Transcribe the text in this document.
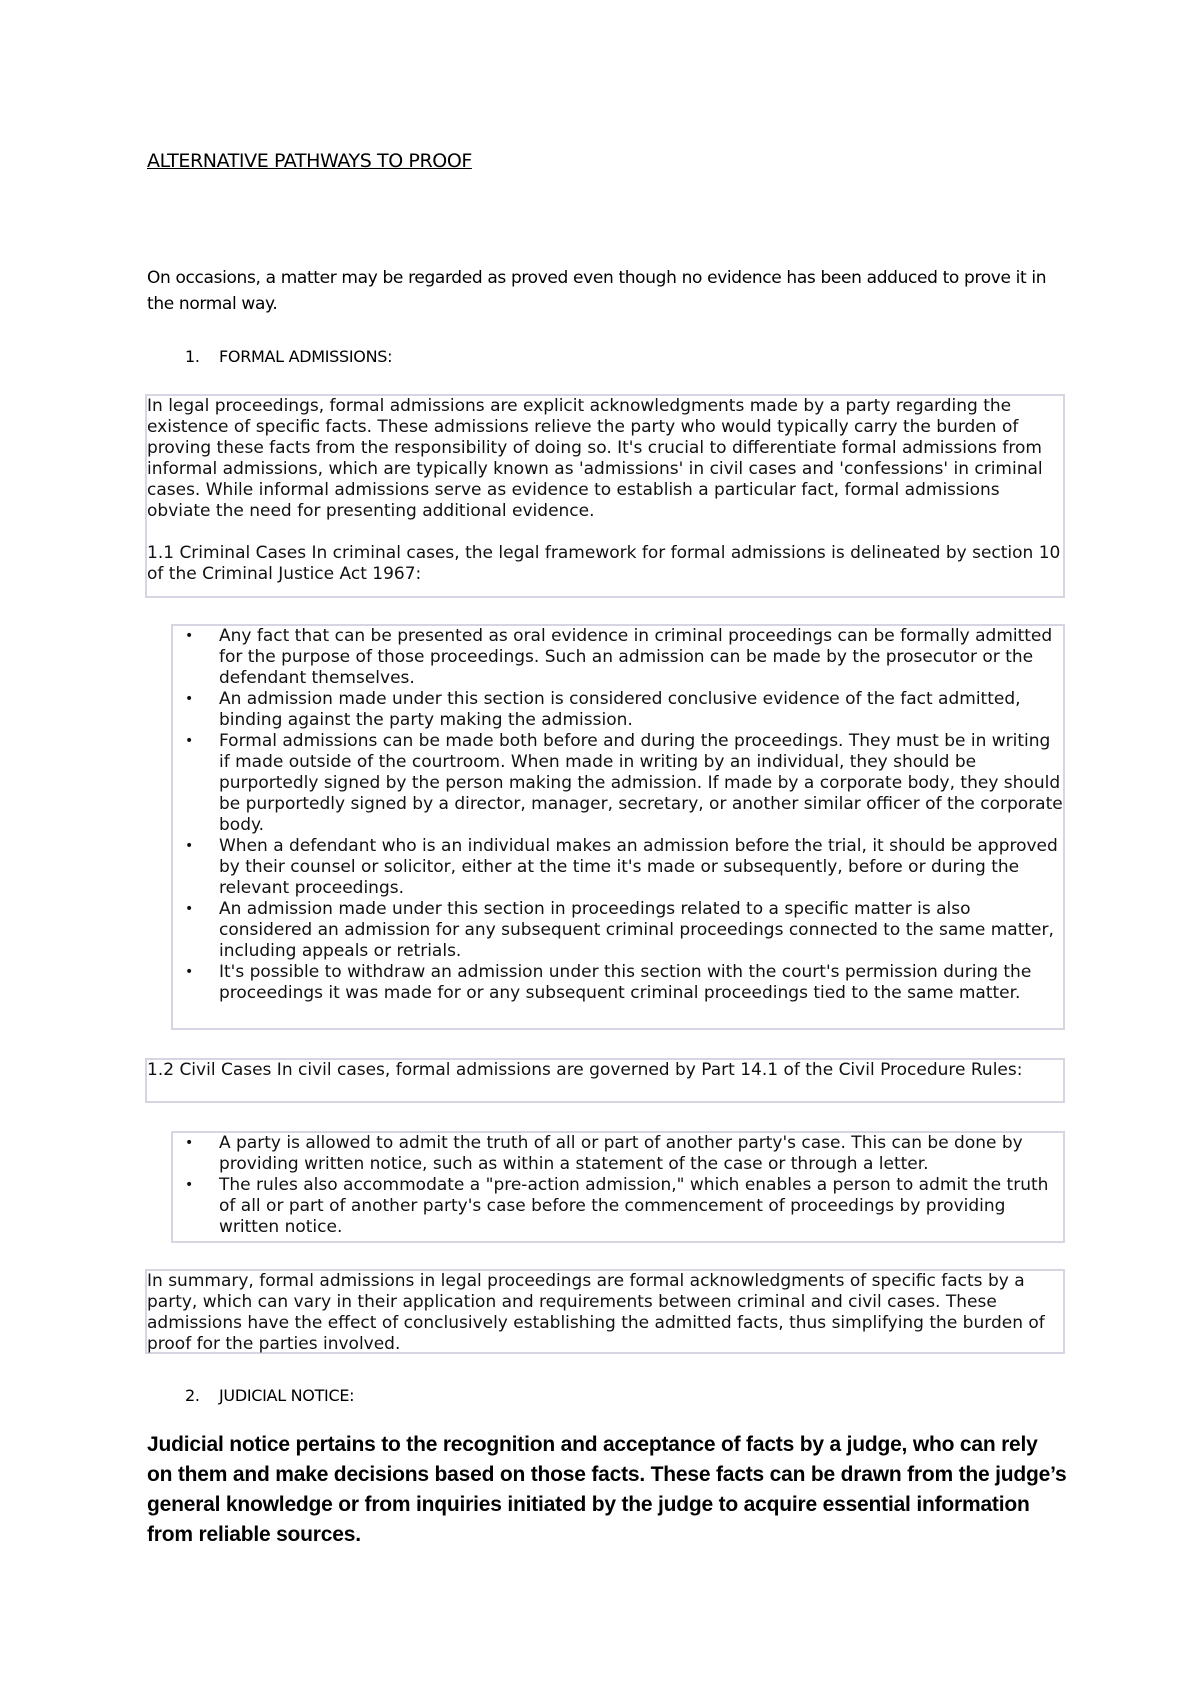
ALTERNATIVE PATHWAYS TO PROOF
On occasions, a matter may be regarded as proved even though no evidence has been adduced to prove it in the normal way.
1. FORMAL ADMISSIONS:

In legal proceedings, formal admissions are explicit acknowledgments made by a party regarding the existence of specific facts. These admissions relieve the party who would typically carry the burden of proving these facts from the responsibility of doing so. It's crucial to differentiate formal admissions from informal admissions, which are typically known as 'admissions' in civil cases and 'confessions' in criminal cases. While informal admissions serve as evidence to establish a particular fact, formal admissions obviate the need for presenting additional evidence.

1.1 Criminal Cases In criminal cases, the legal framework for formal admissions is delineated by section 10 of the Criminal Justice Act 1967:

• Any fact that can be presented as oral evidence in criminal proceedings can be formally admitted for the purpose of those proceedings. Such an admission can be made by the prosecutor or the defendant themselves.
• An admission made under this section is considered conclusive evidence of the fact admitted, binding against the party making the admission.
• Formal admissions can be made both before and during the proceedings. They must be in writing if made outside of the courtroom. When made in writing by an individual, they should be purportedly signed by the person making the admission. If made by a corporate body, they should be purportedly signed by a director, manager, secretary, or another similar officer of the corporate body.
• When a defendant who is an individual makes an admission before the trial, it should be approved by their counsel or solicitor, either at the time it's made or subsequently, before or during the relevant proceedings.
• An admission made under this section in proceedings related to a specific matter is also considered an admission for any subsequent criminal proceedings connected to the same matter, including appeals or retrials.
• It's possible to withdraw an admission under this section with the court's permission during the proceedings it was made for or any subsequent criminal proceedings tied to the same matter.

1.2 Civil Cases In civil cases, formal admissions are governed by Part 14.1 of the Civil Procedure Rules:

• A party is allowed to admit the truth of all or part of another party's case. This can be done by providing written notice, such as within a statement of the case or through a letter.
• The rules also accommodate a "pre-action admission," which enables a person to admit the truth of all or part of another party's case before the commencement of proceedings by providing written notice.

In summary, formal admissions in legal proceedings are formal acknowledgments of specific facts by a party, which can vary in their application and requirements between criminal and civil cases. These admissions have the effect of conclusively establishing the admitted facts, thus simplifying the burden of proof for the parties involved.

2. JUDICIAL NOTICE:
Judicial notice pertains to the recognition and acceptance of facts by a judge, who can rely on them and make decisions based on those facts. These facts can be drawn from the judge’s general knowledge or from inquiries initiated by the judge to acquire essential information from reliable sources.
